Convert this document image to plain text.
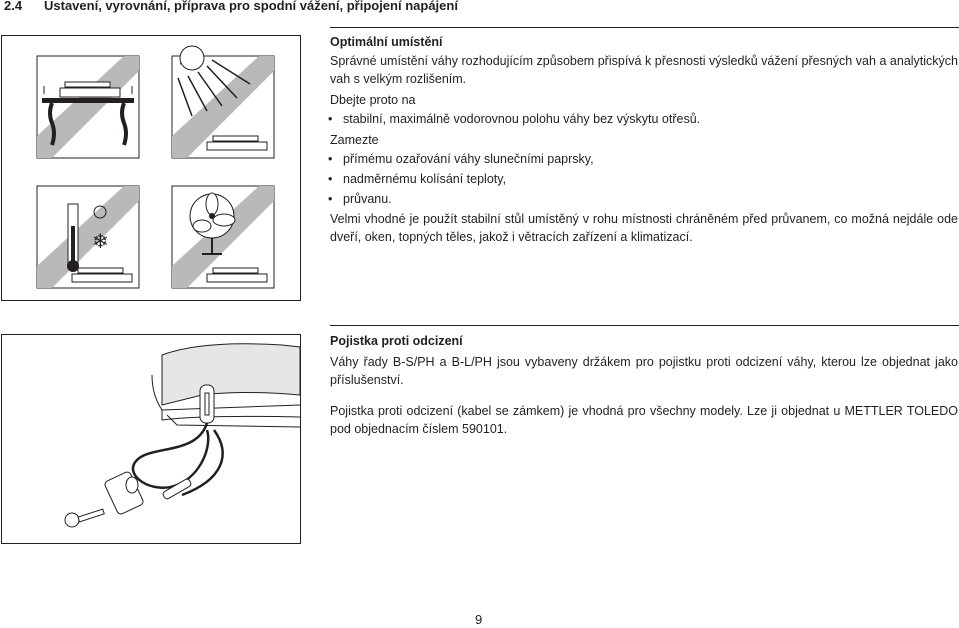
2.4 Ustavení, vyrovnání, příprava pro spodní vážení, připojení napájení
❄
Optimální umístění
Správné umístění váhy rozhodujícím způsobem přispívá k přesnosti výsledků vážení přesných vah a analytických vah s velkým rozlišením.
Dbejte proto na
• stabilní, maximálně vodorovnou polohu váhy bez výskytu otřesů.
Zamezte
• přímému ozařování váhy slunečními paprsky,
• nadměrnému kolísání teploty,
• průvanu.
Velmi vhodné je použít stabilní stůl umístěný v rohu místnosti chráněném před průvanem, co možná nejdále ode dveří, oken, topných těles, jakož i větracích zařízení a klimatizací.
Pojistka proti odcizení
Váhy řady B-S/PH a B-L/PH jsou vybaveny držákem pro pojistku proti odcizení váhy, kterou lze objednat jako příslušenství.
Pojistka proti odcizení (kabel se zámkem) je vhodná pro všechny modely. Lze ji objednat u METTLER TOLEDO pod objednacím číslem 590101.
9
